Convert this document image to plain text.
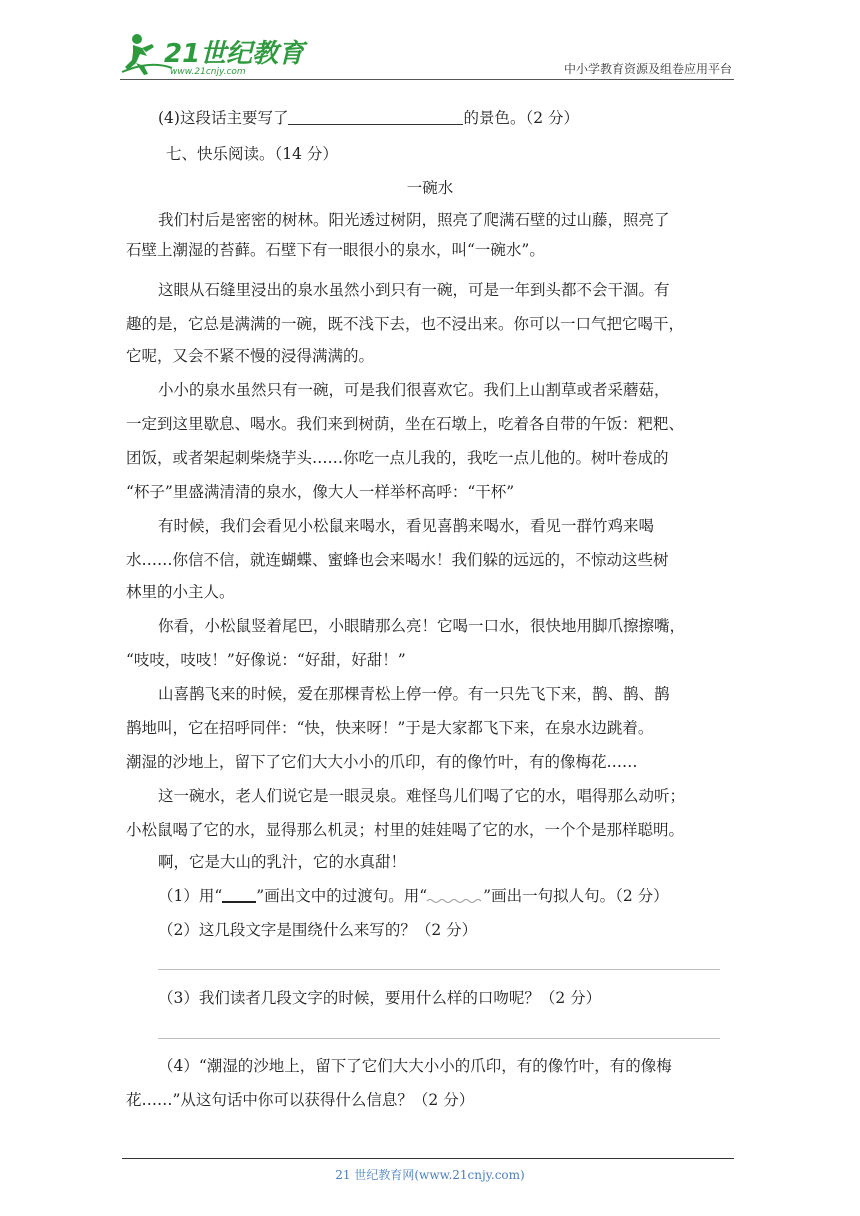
21世纪教育
www.21cnjy.com	中小学教育资源及组卷应用平台
(4)这段话主要写了	的景色。（2 分）
七、快乐阅读。（14 分）
一碗水
我们村后是密密的树林。阳光透过树阴，照亮了爬满石壁的过山藤，照亮了
石壁上潮湿的苔藓。石壁下有一眼很小的泉水，叫“一碗水”。
这眼从石缝里浸出的泉水虽然小到只有一碗，可是一年到头都不会干涸。有
趣的是，它总是满满的一碗，既不浅下去，也不浸出来。你可以一口气把它喝干，
它呢，又会不紧不慢的浸得满满的。
小小的泉水虽然只有一碗，可是我们很喜欢它。我们上山割草或者采蘑菇，
一定到这里歇息、喝水。我们来到树荫，坐在石墩上，吃着各自带的午饭：粑粑、
团饭，或者架起刺柴烧芋头……你吃一点儿我的，我吃一点儿他的。树叶卷成的
“杯子”里盛满清清的泉水，像大人一样举杯高呼：“干杯”
有时候，我们会看见小松鼠来喝水，看见喜鹊来喝水，看见一群竹鸡来喝
水……你信不信，就连蝴蝶、蜜蜂也会来喝水！我们躲的远远的，不惊动这些树
林里的小主人。
你看，小松鼠竖着尾巴，小眼睛那么亮！它喝一口水，很快地用脚爪擦擦嘴，
“吱吱，吱吱！”好像说：“好甜，好甜！”
山喜鹊飞来的时候，爱在那棵青松上停一停。有一只先飞下来，鹊、鹊、鹊
鹊地叫，它在招呼同伴：“快，快来呀！”于是大家都飞下来，在泉水边跳着。
潮湿的沙地上，留下了它们大大小小的爪印，有的像竹叶，有的像梅花……
这一碗水，老人们说它是一眼灵泉。难怪鸟儿们喝了它的水，唱得那么动听；
小松鼠喝了它的水，显得那么机灵；村里的娃娃喝了它的水，一个个是那样聪明。
啊，它是大山的乳汁，它的水真甜！
（1）用“ ”画出文中的过渡句。用“	”画出一句拟人句。（2 分）
（2）这几段文字是围绕什么来写的？（2 分）
（3）我们读者几段文字的时候，要用什么样的口吻呢？（2 分）
（4）“潮湿的沙地上，留下了它们大大小小的爪印，有的像竹叶，有的像梅
花……”从这句话中你可以获得什么信息？（2 分）
21 世纪教育网(www.21cnjy.com)
